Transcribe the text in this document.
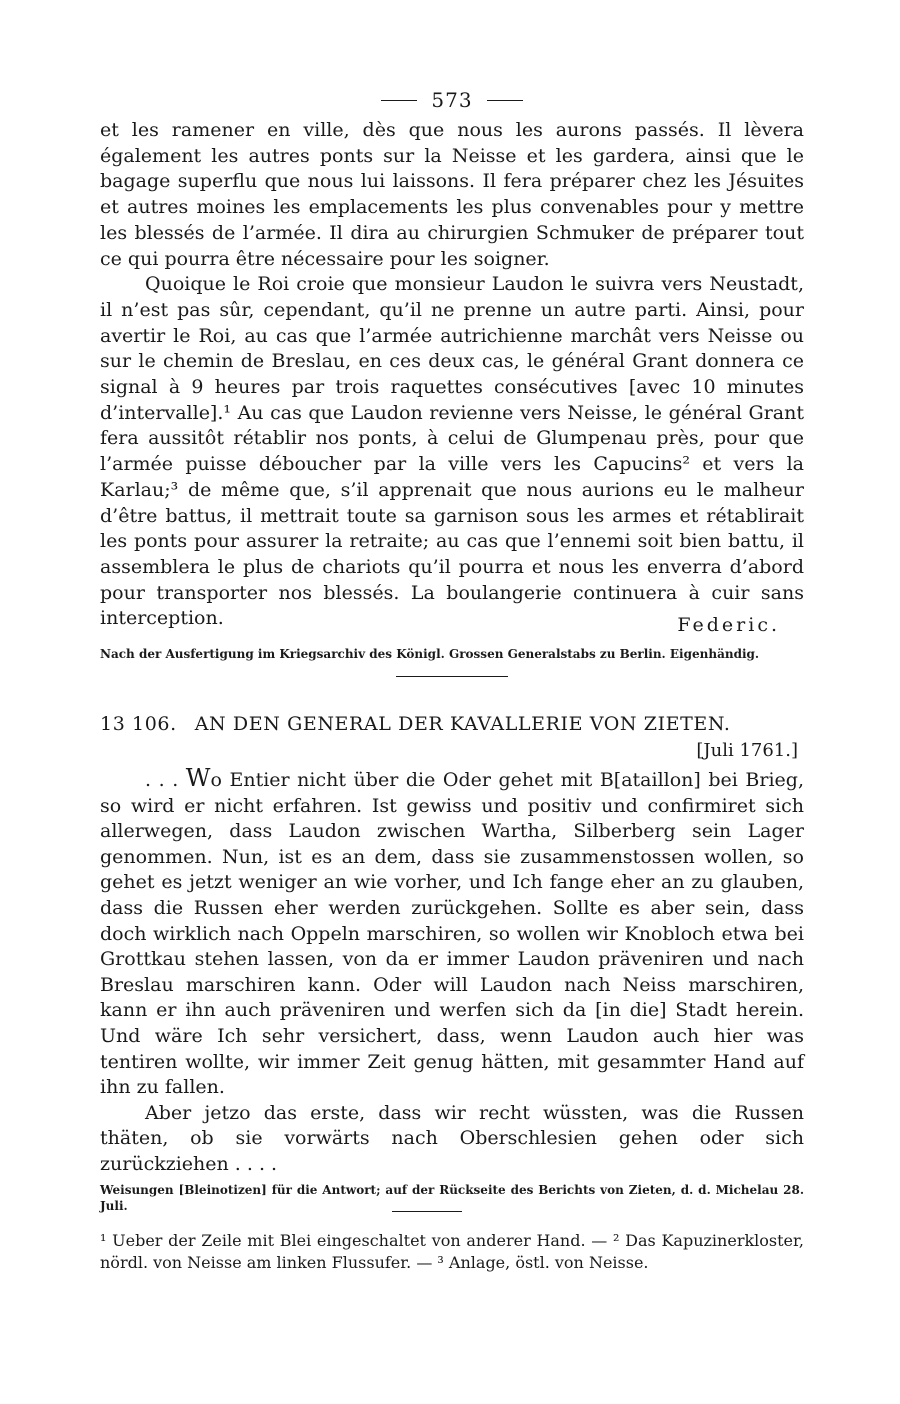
573

et les ramener en ville, dès que nous les aurons passés. Il lèvera également les autres ponts sur la Neisse et les gardera, ainsi que le bagage superflu que nous lui laissons. Il fera préparer chez les Jésuites et autres moines les emplacements les plus convenables pour y mettre les blessés de l’armée. Il dira au chirurgien Schmuker de préparer tout ce qui pourra être nécessaire pour les soigner.

Quoique le Roi croie que monsieur Laudon le suivra vers Neustadt, il n’est pas sûr, cependant, qu’il ne prenne un autre parti. Ainsi, pour avertir le Roi, au cas que l’armée autrichienne marchât vers Neisse ou sur le chemin de Breslau, en ces deux cas, le général Grant donnera ce signal à 9 heures par trois raquettes consécutives [avec 10 minutes d’intervalle].¹ Au cas que Laudon revienne vers Neisse, le général Grant fera aussitôt rétablir nos ponts, à celui de Glumpenau près, pour que l’armée puisse déboucher par la ville vers les Capucins² et vers la Karlau;³ de même que, s’il apprenait que nous aurions eu le malheur d’être battus, il mettrait toute sa garnison sous les armes et rétablirait les ponts pour assurer la retraite; au cas que l’ennemi soit bien battu, il assemblera le plus de chariots qu’il pourra et nous les enverra d’abord pour transporter nos blessés. La boulangerie continuera à cuir sans interception.	Federic.
Nach der Ausfertigung im Kriegsarchiv des Königl. Grossen Generalstabs zu Berlin. Eigenhändig.
13 106. AN DEN GENERAL DER KAVALLERIE VON ZIETEN.
[Juli 1761.]

. . . Wo Entier nicht über die Oder gehet mit B[ataillon] bei Brieg, so wird er nicht erfahren. Ist gewiss und positiv und confirmiret sich allerwegen, dass Laudon zwischen Wartha, Silberberg sein Lager genommen. Nun, ist es an dem, dass sie zusammenstossen wollen, so gehet es jetzt weniger an wie vorher, und Ich fange eher an zu glauben, dass die Russen eher werden zurückgehen. Sollte es aber sein, dass doch wirklich nach Oppeln marschiren, so wollen wir Knobloch etwa bei Grottkau stehen lassen, von da er immer Laudon präveniren und nach Breslau marschiren kann. Oder will Laudon nach Neiss marschiren, kann er ihn auch präveniren und werfen sich da [in die] Stadt herein. Und wäre Ich sehr versichert, dass, wenn Laudon auch hier was tentiren wollte, wir immer Zeit genug hätten, mit gesammter Hand auf ihn zu fallen.

Aber jetzo das erste, dass wir recht wüssten, was die Russen thäten, ob sie vorwärts nach Oberschlesien gehen oder sich zurückziehen . . . .

Weisungen [Bleinotizen] für die Antwort; auf der Rückseite des Berichts von Zieten, d. d. Michelau 28. Juli.
¹ Ueber der Zeile mit Blei eingeschaltet von anderer Hand. — ² Das Kapuzinerkloster, nördl. von Neisse am linken Flussufer. — ³ Anlage, östl. von Neisse.
